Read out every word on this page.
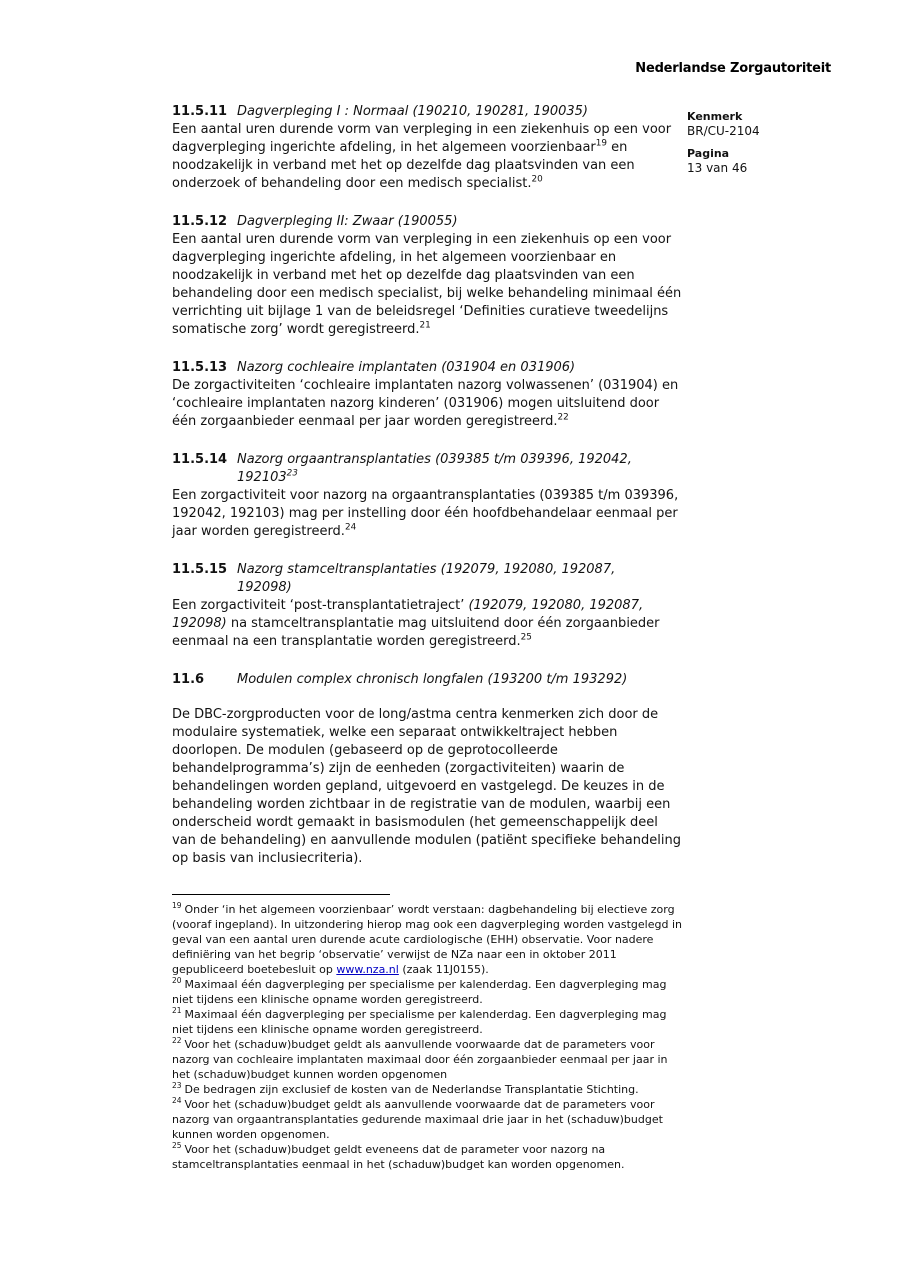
Nederlandse Zorgautoriteit
Kenmerk
BR/CU-2104
Pagina
13 van 46
11.5.11 Dagverpleging I : Normaal (190210, 190281, 190035)

Een aantal uren durende vorm van verpleging in een ziekenhuis op een voor dagverpleging ingerichte afdeling, in het algemeen voorzienbaar$^{19}$ en noodzakelijk in verband met het op dezelfde dag plaatsvinden van een onderzoek of behandeling door een medisch specialist.$^{20}$

11.5.12 Dagverpleging II: Zwaar (190055)

Een aantal uren durende vorm van verpleging in een ziekenhuis op een voor dagverpleging ingerichte afdeling, in het algemeen voorzienbaar en noodzakelijk in verband met het op dezelfde dag plaatsvinden van een behandeling door een medisch specialist, bij welke behandeling minimaal één verrichting uit bijlage 1 van de beleidsregel ‘Definities curatieve tweedelijns somatische zorg’ wordt geregistreerd.$^{21}$

11.5.13 Nazorg cochleaire implantaten (031904 en 031906)

De zorgactiviteiten ‘cochleaire implantaten nazorg volwassenen’ (031904) en ‘cochleaire implantaten nazorg kinderen’ (031906) mogen uitsluitend door één zorgaanbieder eenmaal per jaar worden geregistreerd.$^{22}$

11.5.14 Nazorg orgaantransplantaties (039385 t/m 039396, 192042,
192103$^{23}$

Een zorgactiviteit voor nazorg na orgaantransplantaties (039385 t/m 039396, 192042, 192103) mag per instelling door één hoofdbehandelaar eenmaal per jaar worden geregistreerd.$^{24}$

11.5.15 Nazorg stamceltransplantaties (192079, 192080, 192087,
192098)

Een zorgactiviteit ‘post-transplantatietraject’ (192079, 192080, 192087, 192098) na stamceltransplantatie mag uitsluitend door één zorgaanbieder eenmaal na een transplantatie worden geregistreerd.$^{25}$

11.6	Modulen complex chronisch longfalen (193200 t/m 193292)

De DBC-zorgproducten voor de long/astma centra kenmerken zich door de modulaire systematiek, welke een separaat ontwikkeltraject hebben doorlopen. De modulen (gebaseerd op de geprotocolleerde behandelprogramma’s) zijn de eenheden (zorgactiviteiten) waarin de behandelingen worden gepland, uitgevoerd en vastgelegd. De keuzes in de behandeling worden zichtbaar in de registratie van de modulen, waarbij een onderscheid wordt gemaakt in basismodulen (het gemeenschappelijk deel van de behandeling) en aanvullende modulen (patiënt specifieke behandeling op basis van inclusiecriteria).

$^{19}$ Onder ‘in het algemeen voorzienbaar’ wordt verstaan: dagbehandeling bij electieve zorg (vooraf ingepland). In uitzondering hierop mag ook een dagverpleging worden vastgelegd in geval van een aantal uren durende acute cardiologische (EHH) observatie. Voor nadere definiëring van het begrip ‘observatie’ verwijst de NZa naar een in oktober 2011 gepubliceerd boetebesluit op www.nza.nl (zaak 11J0155).
$^{20}$ Maximaal één dagverpleging per specialisme per kalenderdag. Een dagverpleging mag niet tijdens een klinische opname worden geregistreerd.
$^{21}$ Maximaal één dagverpleging per specialisme per kalenderdag. Een dagverpleging mag niet tijdens een klinische opname worden geregistreerd.
$^{22}$ Voor het (schaduw)budget geldt als aanvullende voorwaarde dat de parameters voor nazorg van cochleaire implantaten maximaal door één zorgaanbieder eenmaal per jaar in het (schaduw)budget kunnen worden opgenomen
$^{23}$ De bedragen zijn exclusief de kosten van de Nederlandse Transplantatie Stichting.
$^{24}$ Voor het (schaduw)budget geldt als aanvullende voorwaarde dat de parameters voor nazorg van orgaantransplantaties gedurende maximaal drie jaar in het (schaduw)budget kunnen worden opgenomen.
$^{25}$ Voor het (schaduw)budget geldt eveneens dat de parameter voor nazorg na stamceltransplantaties eenmaal in het (schaduw)budget kan worden opgenomen.
